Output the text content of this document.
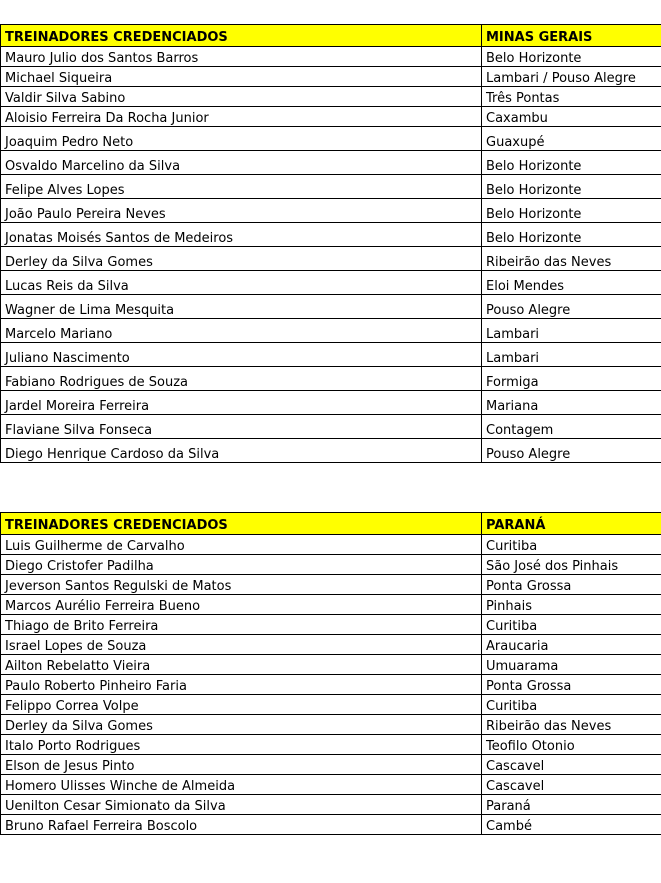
TREINADORES CREDENCIADOS	MINAS GERAIS
Mauro Julio dos Santos Barros	Belo Horizonte
Michael Siqueira	Lambari / Pouso Alegre
Valdir Silva Sabino	Três Pontas
Aloisio Ferreira Da Rocha Junior	Caxambu
Joaquim Pedro Neto	Guaxupé
Osvaldo Marcelino da Silva	Belo Horizonte
Felipe Alves Lopes	Belo Horizonte
João Paulo Pereira Neves	Belo Horizonte
Jonatas Moisés Santos de Medeiros	Belo Horizonte
Derley da Silva Gomes	Ribeirão das Neves
Lucas Reis da Silva	Eloi Mendes
Wagner de Lima Mesquita	Pouso Alegre
Marcelo Mariano	Lambari
Juliano Nascimento	Lambari
Fabiano Rodrigues de Souza	Formiga
Jardel Moreira Ferreira	Mariana
Flaviane Silva Fonseca	Contagem
Diego Henrique Cardoso da Silva	Pouso Alegre
TREINADORES CREDENCIADOS	PARANÁ
Luis Guilherme de Carvalho	Curitiba
Diego Cristofer Padilha	São José dos Pinhais
Jeverson Santos Regulski de Matos	Ponta Grossa
Marcos Aurélio Ferreira Bueno	Pinhais
Thiago de Brito Ferreira	Curitiba
Israel Lopes de Souza	Araucaria
Ailton Rebelatto Vieira	Umuarama
Paulo Roberto Pinheiro Faria	Ponta Grossa
Felippo Correa Volpe	Curitiba
Derley da Silva Gomes	Ribeirão das Neves
Italo Porto Rodrigues	Teofilo Otonio
Elson de Jesus Pinto	Cascavel
Homero Ulisses Winche de Almeida	Cascavel
Uenilton Cesar Simionato da Silva	Paraná
Bruno Rafael Ferreira Boscolo	Cambé
